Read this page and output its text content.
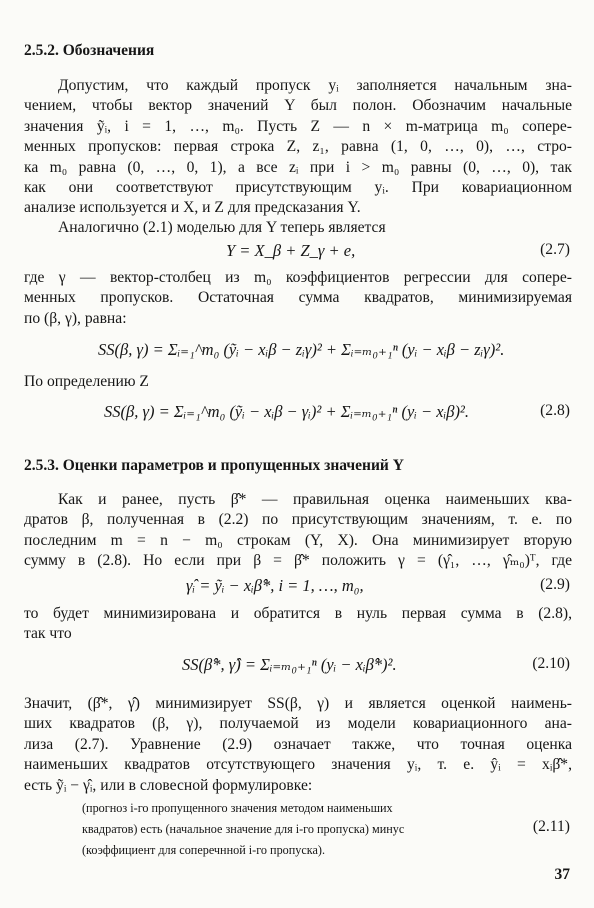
2.5.2. Обозначения
Допустим, что каждый пропуск yᵢ заполняется начальным зна-
чением, чтобы вектор значений Y был полон. Обозначим начальные
значения ỹᵢ, i = 1, …, m₀. Пусть Z — n × m-матрица m₀ сопере-
менных пропусков: первая строка Z, z₁, равна (1, 0, …, 0), …, стро-
ка m₀ равна (0, …, 0, 1), а все zᵢ при i > m₀ равны (0, …, 0), так
как они соответствуют присутствующим yᵢ. При ковариационном
анализе используется и X, и Z для предсказания Y.
Аналогично (2.1) моделью для Y теперь является
Y = X_β + Z_γ + e,	(2.7)
где γ — вектор-столбец из m₀ коэффициентов регрессии для сопере-
менных пропусков. Остаточная сумма квадратов, минимизируемая
по (β, γ), равна:
SS(β, γ) = Σᵢ₌₁^m₀ (ỹᵢ − xᵢβ − zᵢγ)² + Σᵢ₌ₘ₀₊₁ⁿ (yᵢ − xᵢβ − zᵢγ)².
По определению Z
SS(β, γ) = Σᵢ₌₁^m₀ (ỹᵢ − xᵢβ − γᵢ)² + Σᵢ₌ₘ₀₊₁ⁿ (yᵢ − xᵢβ)².	(2.8)
2.5.3. Оценки параметров и пропущенных значений Y
Как и ранее, пусть β̂* — правильная оценка наименьших ква-
дратов β, полученная в (2.2) по присутствующим значениям, т. е. по
последним m = n − m₀ строкам (Y, X). Она минимизирует вторую
сумму в (2.8). Но если при β = β̂* положить γ = (γ̂₁, …, γ̂ₘ₀)ᵀ, где
γ̂ᵢ = ỹᵢ − xᵢβ̂*, i = 1, …, m₀,	(2.9)
то будет минимизирована и обратится в нуль первая сумма в (2.8),
так что
SS(β̂*, γ̂) = Σᵢ₌ₘ₀₊₁ⁿ (yᵢ − xᵢβ̂*)².	(2.10)
Значит, (β̂*, γ̂) минимизирует SS(β, γ) и является оценкой наимень-
ших квадратов (β, γ), получаемой из модели ковариационного ана-
лиза (2.7). Уравнение (2.9) означает также, что точная оценка
наименьших квадратов отсутствующего значения yᵢ, т. е. ŷᵢ = xᵢβ̂*,
есть ỹᵢ − γ̂ᵢ, или в словесной формулировке:
(прогноз i-го пропущенного значения методом наименьших
квадратов) есть (начальное значение для i-го пропуска) минус
(коэффициент для соперечнной i-го пропуска).
(2.11)
37
